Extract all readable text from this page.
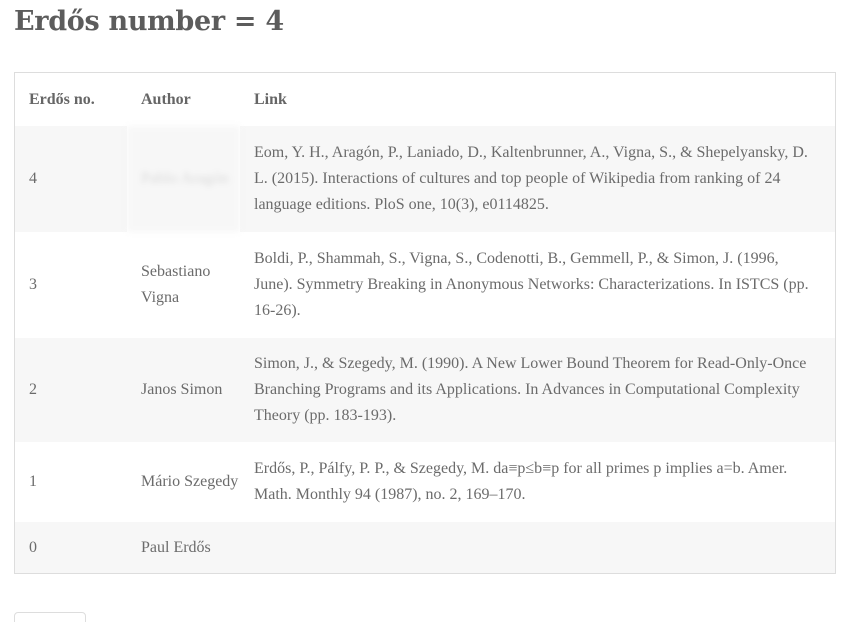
Erdős number = 4
Erdős no.	Author	Link
4	Pablo Aragón	Eom, Y. H., Aragón, P., Laniado, D., Kaltenbrunner, A., Vigna, S., & Shepelyansky, D. L. (2015). Interactions of cultures and top people of Wikipedia from ranking of 24 language editions. PloS one, 10(3), e0114825.
3	Sebastiano Vigna	Boldi, P., Shammah, S., Vigna, S., Codenotti, B., Gemmell, P., & Simon, J. (1996, June). Symmetry Breaking in Anonymous Networks: Characterizations. In ISTCS (pp. 16-26).
2	Janos Simon	Simon, J., & Szegedy, M. (1990). A New Lower Bound Theorem for Read-Only-Once Branching Programs and its Applications. In Advances in Computational Complexity Theory (pp. 183-193).
1	Mário Szegedy	Erdős, P., Pálfy, P. P., & Szegedy, M. da≡p≤b≡p for all primes p implies a=b. Amer. Math. Monthly 94 (1987), no. 2, 169–170.
0	Paul Erdős	
